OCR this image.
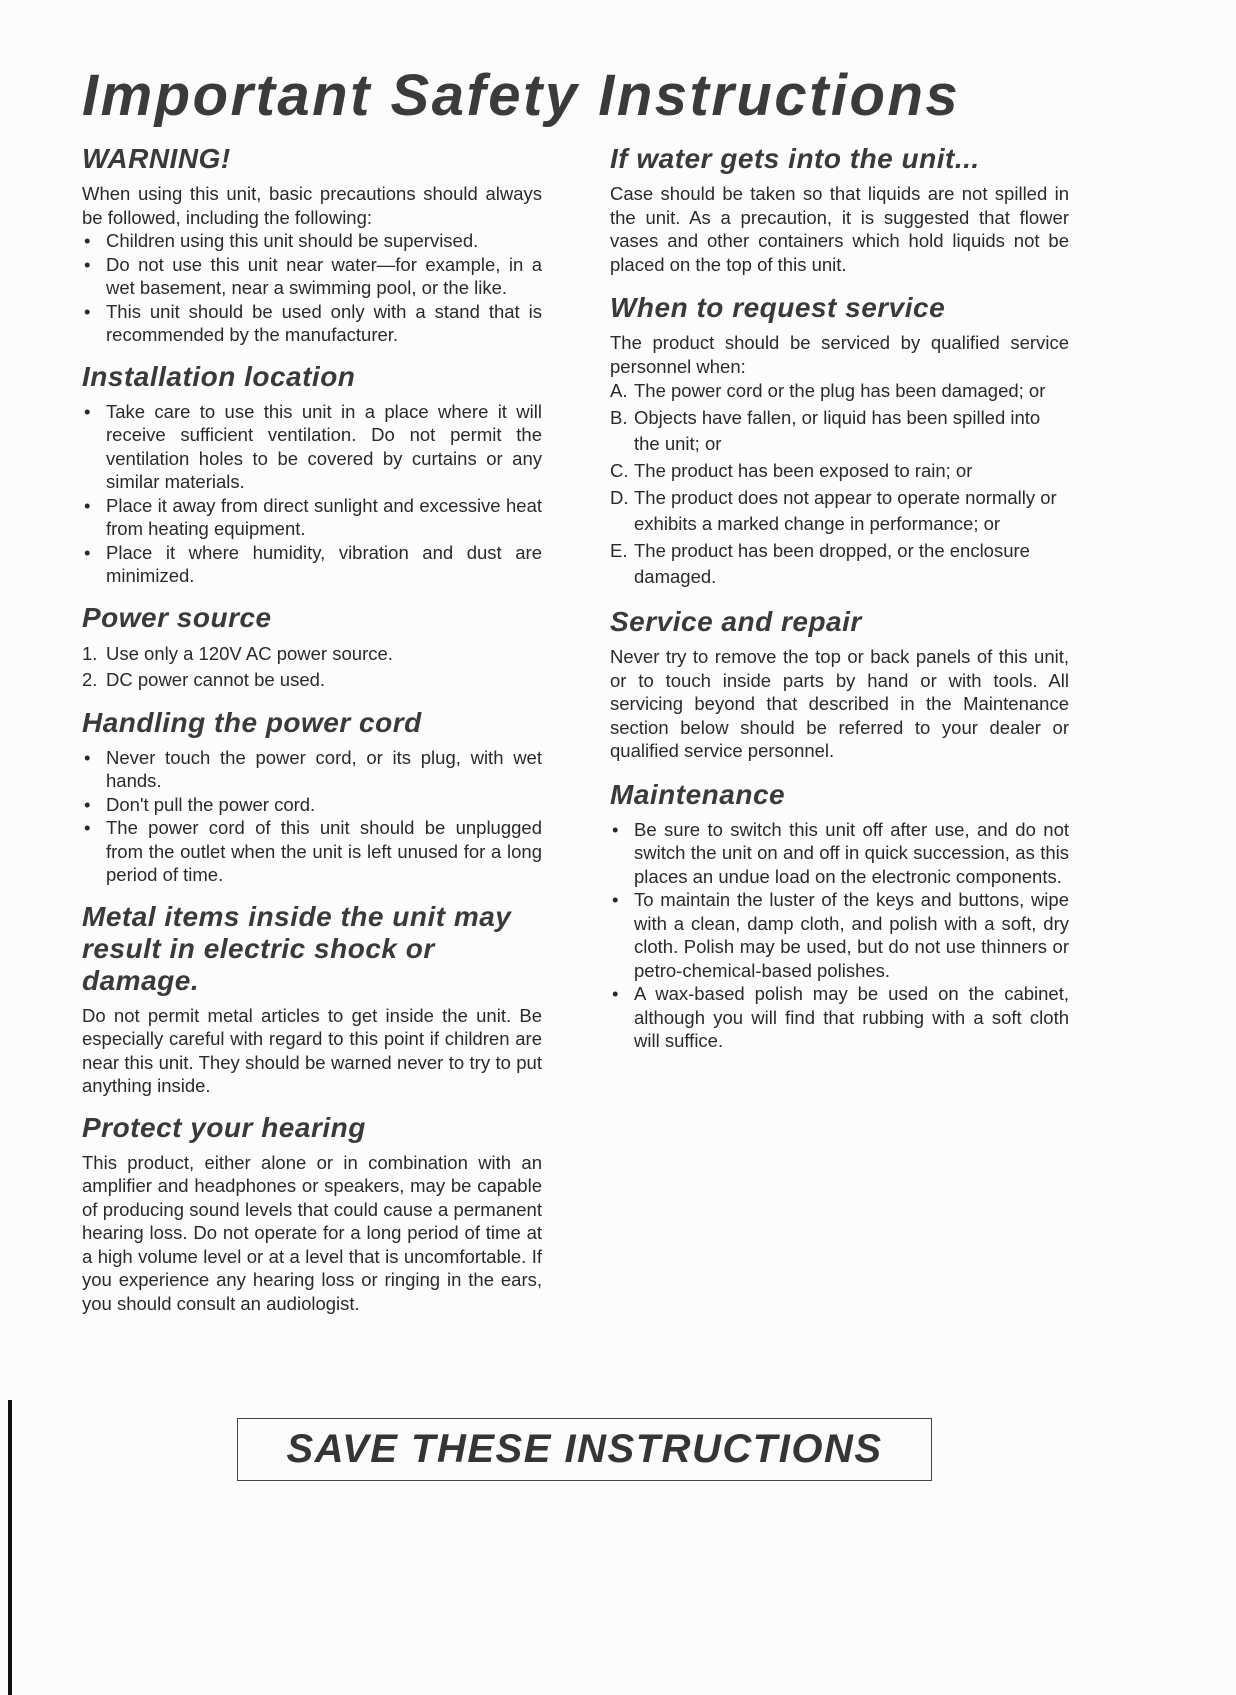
Important Safety Instructions
WARNING!

When using this unit, basic precautions should always be followed, including the following:

• Children using this unit should be supervised.
• Do not use this unit near water—for example, in a wet basement, near a swimming pool, or the like.
• This unit should be used only with a stand that is recommended by the manufacturer.
Installation location
• Take care to use this unit in a place where it will receive sufficient ventilation. Do not permit the ventilation holes to be covered by curtains or any similar materials.
• Place it away from direct sunlight and excessive heat from heating equipment.
• Place it where humidity, vibration and dust are minimized.
Power source
1. Use only a 120V AC power source.
2. DC power cannot be used.
Handling the power cord
• Never touch the power cord, or its plug, with wet hands.
• Don't pull the power cord.
• The power cord of this unit should be unplugged from the outlet when the unit is left unused for a long period of time.
Metal items inside the unit may result in electric shock or damage.

Do not permit metal articles to get inside the unit. Be especially careful with regard to this point if children are near this unit. They should be warned never to try to put anything inside.

Protect your hearing

This product, either alone or in combination with an amplifier and headphones or speakers, may be capable of producing sound levels that could cause a permanent hearing loss. Do not operate for a long period of time at a high volume level or at a level that is uncomfortable. If you experience any hearing loss or ringing in the ears, you should consult an audiologist.

If water gets into the unit...

Case should be taken so that liquids are not spilled in the unit. As a precaution, it is suggested that flower vases and other containers which hold liquids not be placed on the top of this unit.

When to request service

The product should be serviced by qualified service personnel when:

A. The power cord or the plug has been damaged; or
B. Objects have fallen, or liquid has been spilled into the unit; or
C. The product has been exposed to rain; or
D. The product does not appear to operate normally or exhibits a marked change in performance; or
E. The product has been dropped, or the enclosure damaged.
Service and repair

Never try to remove the top or back panels of this unit, or to touch inside parts by hand or with tools. All servicing beyond that described in the Maintenance section below should be referred to your dealer or qualified service personnel.

Maintenance
• Be sure to switch this unit off after use, and do not switch the unit on and off in quick succession, as this places an undue load on the electronic components.
• To maintain the luster of the keys and buttons, wipe with a clean, damp cloth, and polish with a soft, dry cloth. Polish may be used, but do not use thinners or petro-chemical-based polishes.
• A wax-based polish may be used on the cabinet, although you will find that rubbing with a soft cloth will suffice.
SAVE THESE INSTRUCTIONS
